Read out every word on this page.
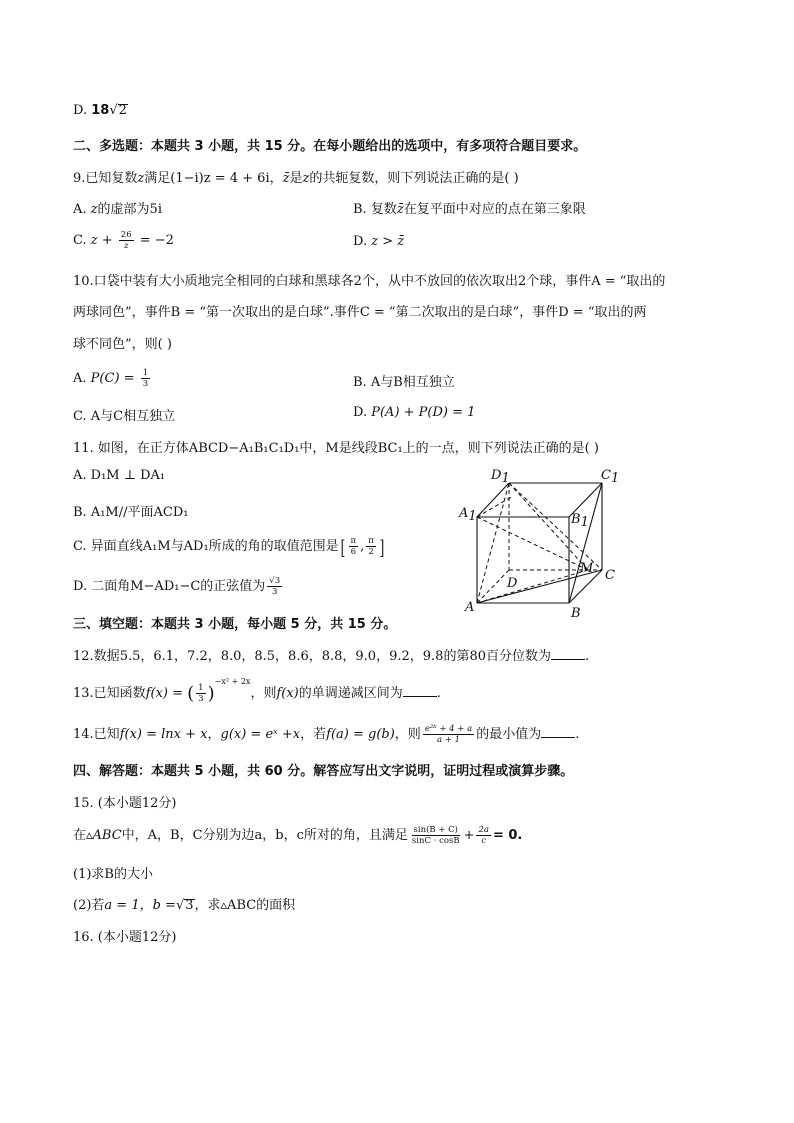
D. 18√2
二、多选题：本题共 3 小题，共 15 分。在每小题给出的选项中，有多项符合题目要求。
9.已知复数z满足(1−i)z = 4 + 6i，z̄是z的共轭复数，则下列说法正确的是( )
A. z的虚部为5i	B. 复数z̄在复平面中对应的点在第三象限
C. $z + \frac{26}{z} = -2$	D. z > z̄
10.口袋中装有大小质地完全相同的白球和黑球各2个，从中不放回的依次取出2个球，事件A = “取出的
两球同色”，事件B = “第一次取出的是白球”.事件C = “第二次取出的是白球”，事件D = “取出的两
球不同色”，则( )
A. $P(C) = \frac{1}{3}$	B. A与B相互独立
C. A与C相互独立	D. P(A) + P(D) = 1
11. 如图，在正方体ABCD−A₁B₁C₁D₁中，M是线段BC₁上的一点，则下列说法正确的是( )
A. D₁M ⊥ DA₁
B. A₁M//平面ACD₁
C. 异面直线A₁M与AD₁所成的角的取值范围是[ $\frac{\pi}{6}$ , $\frac{\pi}{2}$ ]
D. 二面角M−AD₁−C的正弦值为 $\frac{√3}{3}$
D1	C1
A1	B1
D
M C
A	B
三、填空题：本题共 3 小题，每小题 5 分，共 15 分。
12.数据5.5，6.1，7.2，8.0，8.5，8.6，8.8，9.0，9.2，9.8的第80百分位数为	.
13.已知函数f(x) = ( $\frac{1}{3} )^{-x^2 + 2x}$，则f(x)的单调递减区间为	.
14.已知f(x) = lnx + x，g(x) = eˣ +x，若f(a) = g(b)，则 $\frac{\text{e²ᵇ + 4 + a}}{a + 1}$ 的最小值为	.
四、解答题：本题共 5 小题，共 60 分。解答应写出文字说明，证明过程或演算步骤。
15. (本小题12分)
在▵ABC中，A，B，C分别为边a，b，c所对的角，且满足 $\frac{\sin(B + C)}{\sin C \cdot \cos B} + \frac{2a}{c} = 0$.
(1)求B的大小
(2)若a = 1，b =√3，求▵ABC的面积
16. (本小题12分)
